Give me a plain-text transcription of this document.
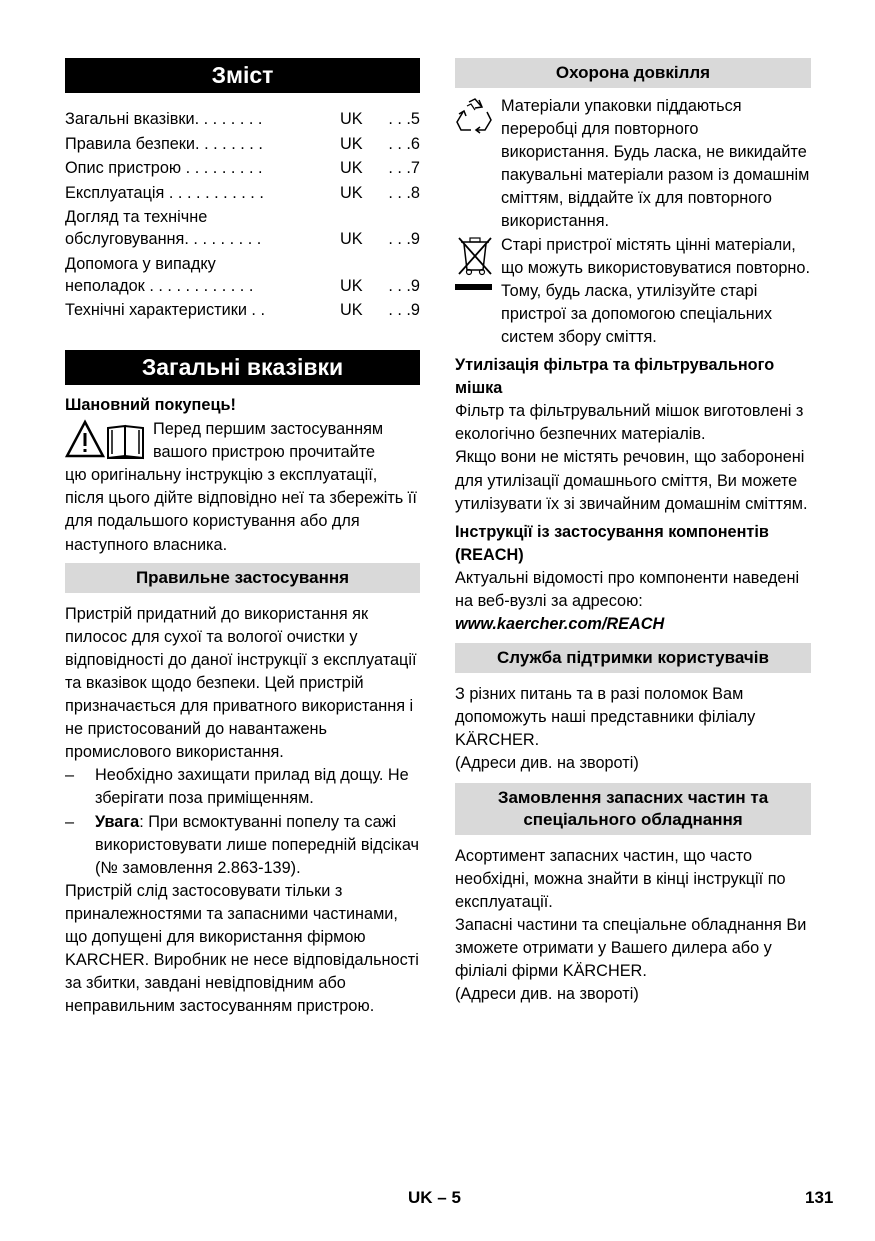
Зміст
Загальні вказівки. . . . . . . .	UK	. . .5
Правила безпеки. . . . . . . .	UK	. . .6
Опис пристрою . . . . . . . . .	UK	. . .7
Експлуатація . . . . . . . . . . .	UK	. . .8
Догляд та технічне
обслуговування. . . . . . . . .	UK	. . .9
Допомога у випадку
неполадок . . . . . . . . . . . .	UK	. . .9
Технічні характеристики . .	UK	. . .9
Загальні вказівки

Шановний покупець!

Перед першим застосуванням
вашого пристрою прочитайте

цю оригінальну інструкцію з експлуатації, після цього дійте відповідно неї та збережіть її для подальшого користування або для наступного власника.

Правильне застосування

Пристрій придатний до використання як пилосос для сухої та вологої очистки у відповідності до даної інструкції з експлуатації та вказівок щодо безпеки. Цей пристрій призначається для приватного використання і не пристосований до навантажень промислового використання.

–	Необхідно захищати прилад від дощу. Не зберігати поза приміщенням.
–	Увага: При всмоктуванні попелу та сажі використовувати лише попередній відсікач (№ замовлення 2.863-139).

Пристрій слід застосовувати тільки з приналежностями та запасними частинами, що допущені для використання фірмою KARCHER. Виробник не несе відповідальності за збитки, завдані невідповідним або неправильним застосуванням пристрою.

Охорона довкілля

Матеріали упаковки піддаються переробці для повторного використання. Будь ласка, не викидайте пакувальні матеріали разом із домашнім сміттям, віддайте їх для повторного використання.

Старі пристрої містять цінні матеріали, що можуть використовуватися повторно. Тому, будь ласка, утилізуйте старі пристрої за допомогою спеціальних систем збору сміття.

Утилізація фільтра та фільтрувального мішка

Фільтр та фільтрувальний мішок виготовлені з екологічно безпечних матеріалів.

Якщо вони не містять речовин, що заборонені для утилізації домашнього сміття, Ви можете утилізувати їх зі звичайним домашнім сміттям.

Інструкції із застосування компонентів (REACH)

Актуальні відомості про компоненти наведені на веб-вузлі за адресою:

www.kaercher.com/REACH

Служба підтримки користувачів

З різних питань та в разі поломок Вам допоможуть наші представники філіалу KÄRCHER.

(Адреси див. на звороті)

Замовлення запасних частин та спеціального обладнання

Асортимент запасних частин, що часто необхідні, можна знайти в кінці інструкції по експлуатації.

Запасні частини та спеціальне обладнання Ви зможете отримати у Вашего дилера або у філіалі фірми KÄRCHER.

(Адреси див. на звороті)

UK – 5	131
